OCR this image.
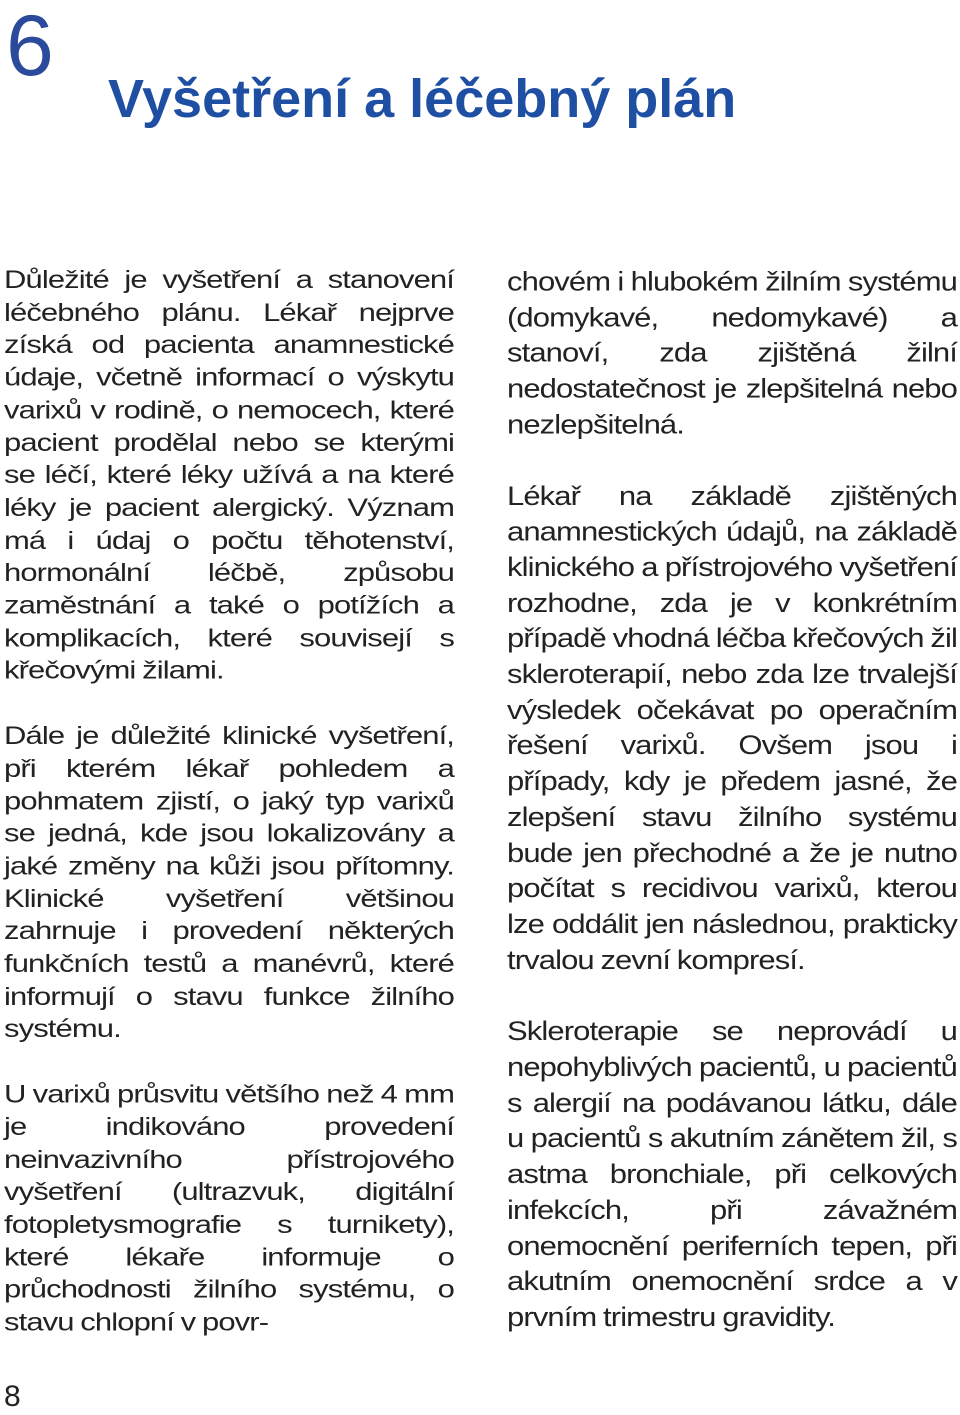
6
Vyšetření a léčebný plán

Důležité je vyšetření a stanovení léčebného plánu. Lékař nejprve získá od pacienta anamnestické údaje, včetně informací o výskytu varixů v rodině, o nemocech, které pacient prodělal nebo se kterými se léčí, které léky užívá a na které léky je pacient alergický. Význam má i údaj o počtu těhotenství, hormonální léčbě, způsobu zaměstnání a také o potížích a komplikacích, které souvisejí s křečovými žilami.

Dále je důležité klinické vyšetření, při kterém lékař pohledem a pohmatem zjistí, o jaký typ varixů se jedná, kde jsou lokalizovány a jaké změny na kůži jsou přítomny. Klinické vyšetření většinou zahrnuje i provedení některých funkčních testů a manévrů, které informují o stavu funkce žilního systému.

U varixů průsvitu většího než 4 mm je indikováno provedení neinvazivního přístrojového vyšetření (ultrazvuk, digitální fotopletysmografie s turnikety), které lékaře informuje o průchodnosti žilního systému, o stavu chlopní v povr-

chovém i hlubokém žilním systému (domykavé, nedomykavé) a stanoví, zda zjištěná žilní nedostatečnost je zlepšitelná nebo nezlepšitelná.

Lékař na základě zjištěných anamnestických údajů, na základě klinického a přístrojového vyšetření rozhodne, zda je v konkrétním případě vhodná léčba křečových žil skleroterapií, nebo zda lze trvalejší výsledek očekávat po operačním řešení varixů. Ovšem jsou i případy, kdy je předem jasné, že zlepšení stavu žilního systému bude jen přechodné a že je nutno počítat s recidivou varixů, kterou lze oddálit jen následnou, prakticky trvalou zevní kompresí.

Skleroterapie se neprovádí u nepohyblivých pacientů, u pacientů s alergií na podávanou látku, dále u pacientů s akutním zánětem žil, s astma bronchiale, při celkových infekcích, při závažném onemocnění periferních tepen, při akutním onemocnění srdce a v prvním trimestru gravidity.

8
